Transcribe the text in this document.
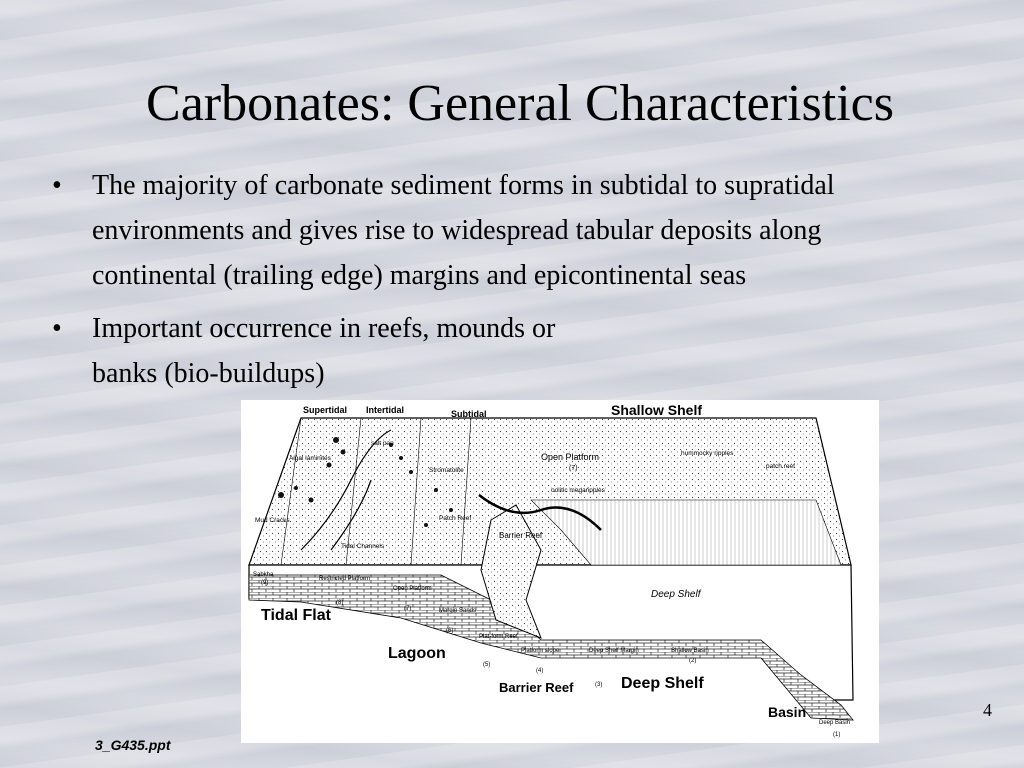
Carbonates: General Characteristics
• The majority of carbonate sediment forms in subtidal to supratidal environments and gives rise to widespread tabular deposits along continental (trailing edge) margins and epicontinental seas
• Important occurrence in reefs, mounds or banks (bio-buildups)
Supertidal Intertidal	Subtidal	Shallow Shelf
Algal laminites
salt pan
Stromatolite
Mud Cracks
Tidal Channels
Patch Reef
Open Platform
(7)
hummocky ripples
patch reef
oolitic megaripples
Barrier Reef
Deep Shelf
Sabkha
(9)
Restricted Platform
(8)
Open Platform
(7)	Margin Sands
(6)
Plat-form Reef
(5)
Platform slope
(4)
Deep Shelf Margin
(3)
Shallow Basin
(2)
Deep Basin
(1)
Tidal Flat
Lagoon
Barrier Reef	Deep Shelf
Basin	4
3_G435.ppt
